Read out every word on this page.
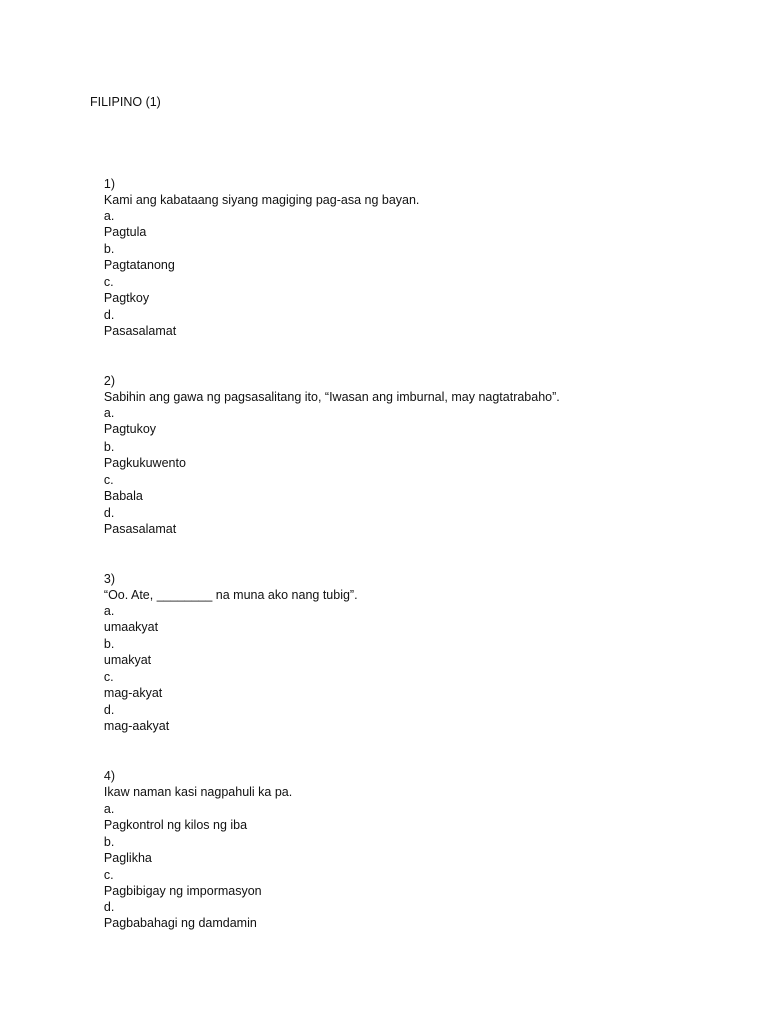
FILIPINO (1)

1)
Kami ang kabataang siyang magiging pag-asa ng bayan.

a.
Pagtula

b.
Pagtatanong

c.
Pagtkoy

d.
Pasasalamat

2)
Sabihin ang gawa ng pagsasalitang ito, “Iwasan ang imburnal, may nagtatrabaho”.

a.
Pagtukoy

b.
Pagkukuwento

c.
Babala

d.
Pasasalamat

3)
“Oo. Ate, ________ na muna ako nang tubig”.

a.
umaakyat

b.
umakyat

c.
mag-akyat

d.
mag-aakyat

4)
Ikaw naman kasi nagpahuli ka pa.

a.
Pagkontrol ng kilos ng iba

b.
Paglikha

c.
Pagbibigay ng impormasyon

d.
Pagbabahagi ng damdamin
